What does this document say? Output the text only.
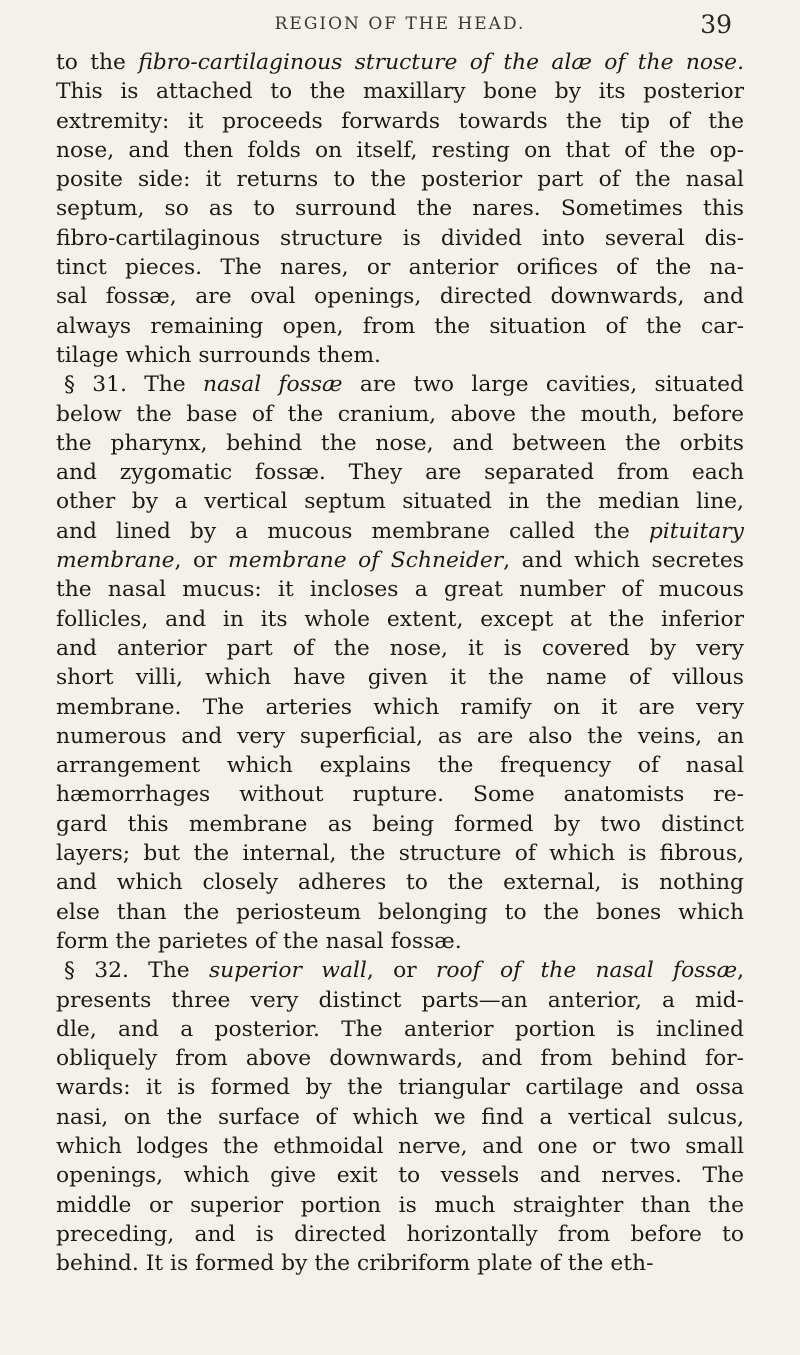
REGION OF THE HEAD.	39
to the fibro-cartilaginous structure of the alæ of the nose.
This is attached to the maxillary bone by its posterior
extremity: it proceeds forwards towards the tip of the
nose, and then folds on itself, resting on that of the op-
posite side: it returns to the posterior part of the nasal
septum, so as to surround the nares. Sometimes this
fibro-cartilaginous structure is divided into several dis-
tinct pieces. The nares, or anterior orifices of the na-
sal fossæ, are oval openings, directed downwards, and
always remaining open, from the situation of the car-
tilage which surrounds them.
§ 31. The nasal fossæ are two large cavities, situated
below the base of the cranium, above the mouth, before
the pharynx, behind the nose, and between the orbits
and zygomatic fossæ. They are separated from each
other by a vertical septum situated in the median line,
and lined by a mucous membrane called the pituitary
membrane, or membrane of Schneider, and which secretes
the nasal mucus: it incloses a great number of mucous
follicles, and in its whole extent, except at the inferior
and anterior part of the nose, it is covered by very
short villi, which have given it the name of villous
membrane. The arteries which ramify on it are very
numerous and very superficial, as are also the veins, an
arrangement which explains the frequency of nasal
hæmorrhages without rupture. Some anatomists re-
gard this membrane as being formed by two distinct
layers; but the internal, the structure of which is fibrous,
and which closely adheres to the external, is nothing
else than the periosteum belonging to the bones which
form the parietes of the nasal fossæ.
§ 32. The superior wall, or roof of the nasal fossæ,
presents three very distinct parts—an anterior, a mid-
dle, and a posterior. The anterior portion is inclined
obliquely from above downwards, and from behind for-
wards: it is formed by the triangular cartilage and ossa
nasi, on the surface of which we find a vertical sulcus,
which lodges the ethmoidal nerve, and one or two small
openings, which give exit to vessels and nerves. The
middle or superior portion is much straighter than the
preceding, and is directed horizontally from before to
behind. It is formed by the cribriform plate of the eth-
